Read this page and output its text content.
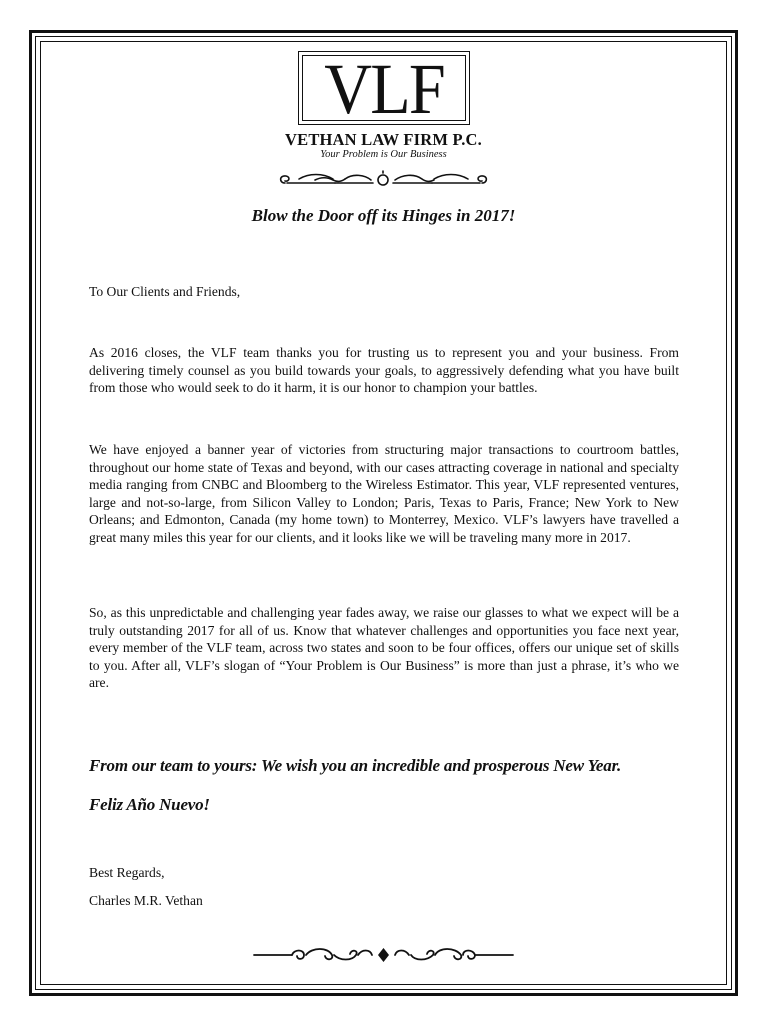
VLF
VETHAN LAW FIRM P.C.
Your Problem is Our Business
Blow the Door off its Hinges in 2017!
To Our Clients and Friends,
As 2016 closes, the VLF team thanks you for trusting us to represent you and your business. From delivering timely counsel as you build towards your goals, to aggressively defending what you have built from those who would seek to do it harm, it is our honor to champion your battles.
We have enjoyed a banner year of victories from structuring major transactions to courtroom battles, throughout our home state of Texas and beyond, with our cases attracting coverage in national and specialty media ranging from CNBC and Bloomberg to the Wireless Estimator. This year, VLF represented ventures, large and not-so-large, from Silicon Valley to London; Paris, Texas to Paris, France; New York to New Orleans; and Edmonton, Canada (my home town) to Monterrey, Mexico. VLF’s lawyers have travelled a great many miles this year for our clients, and it looks like we will be traveling many more in 2017.
So, as this unpredictable and challenging year fades away, we raise our glasses to what we expect will be a truly outstanding 2017 for all of us. Know that whatever challenges and opportunities you face next year, every member of the VLF team, across two states and soon to be four offices, offers our unique set of skills to you. After all, VLF’s slogan of “Your Problem is Our Business” is more than just a phrase, it’s who we are.
From our team to yours: We wish you an incredible and prosperous New Year.
Feliz Año Nuevo!
Best Regards,
Charles M.R. Vethan
